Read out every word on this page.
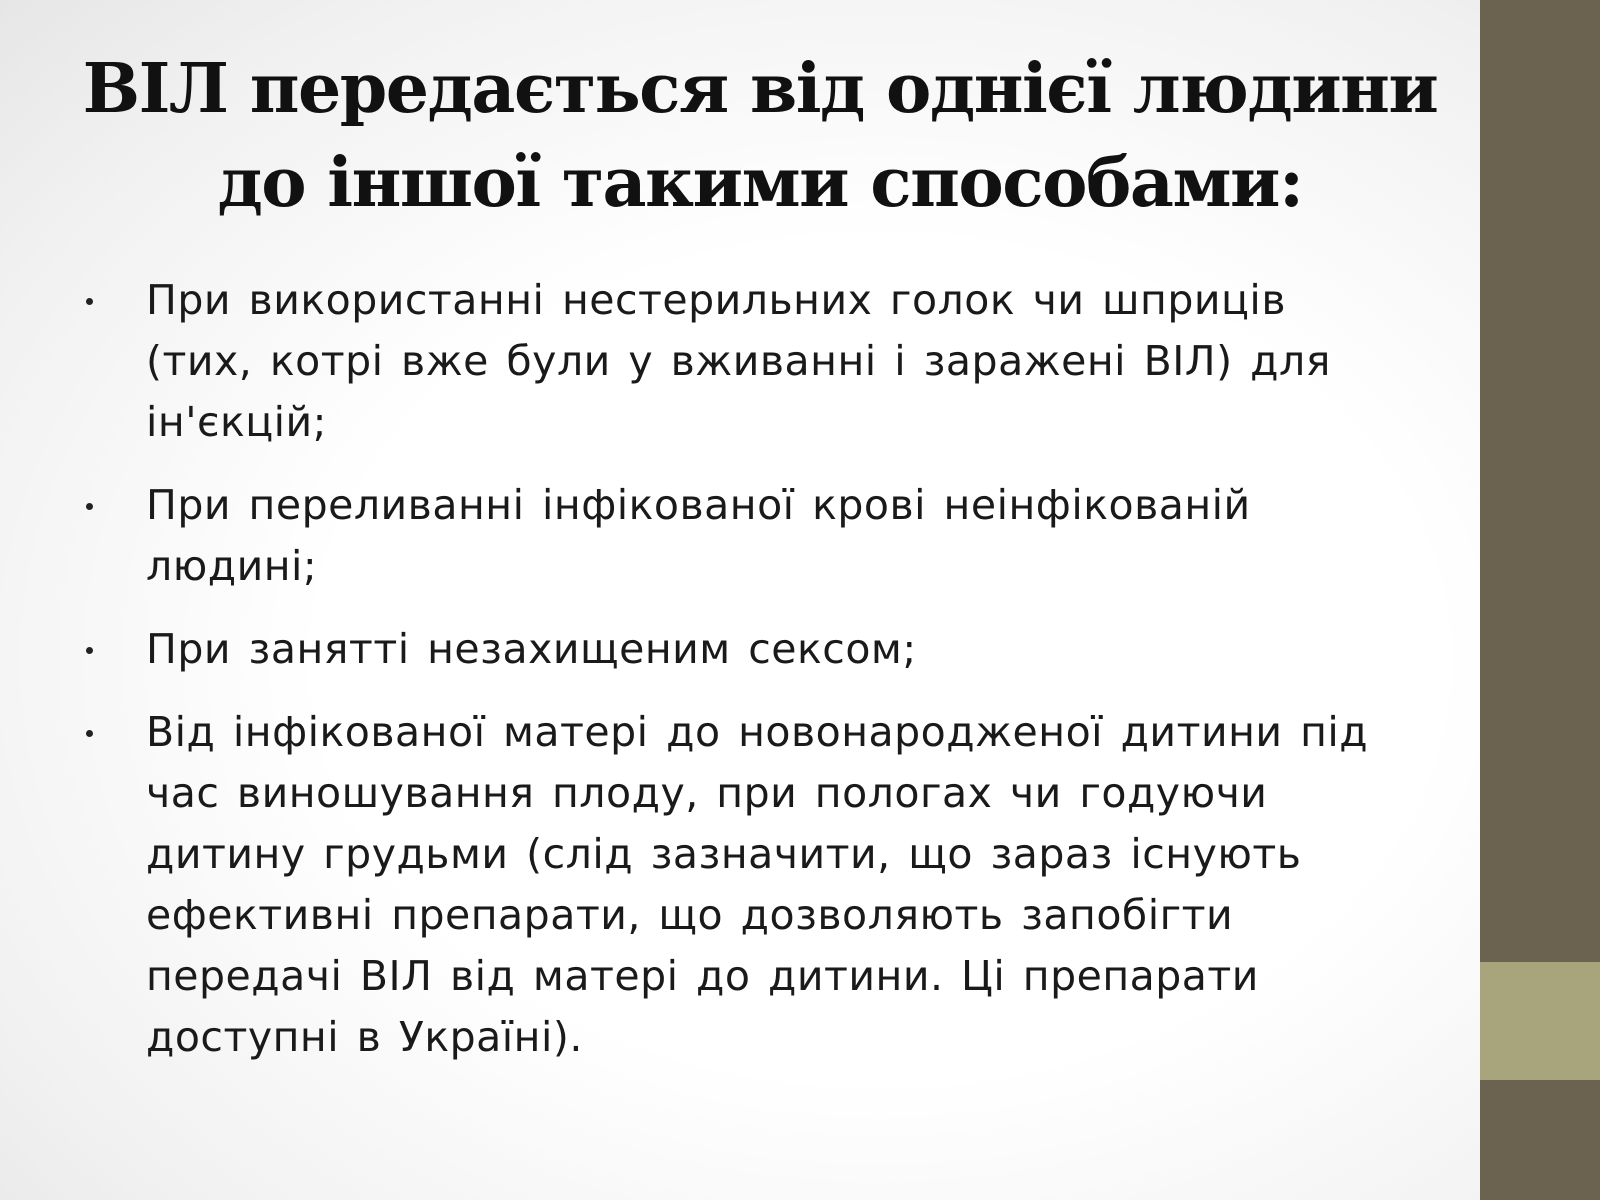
ВІЛ передається від однієї людини до іншої такими способами:
При використанні нестерильних голок чи шприців (тих, котрі вже були у вживанні і заражені ВІЛ) для ін'єкцій;
При переливанні інфікованої крові неінфікованій людині;
При занятті незахищеним сексом;
Від інфікованої матері до новонародженої дитини під час виношування плоду, при пологах чи годуючи дитину грудьми (слід зазначити, що зараз існують ефективні препарати, що дозволяють запобігти передачі ВІЛ від матері до дитини. Ці препарати доступні в Україні).
